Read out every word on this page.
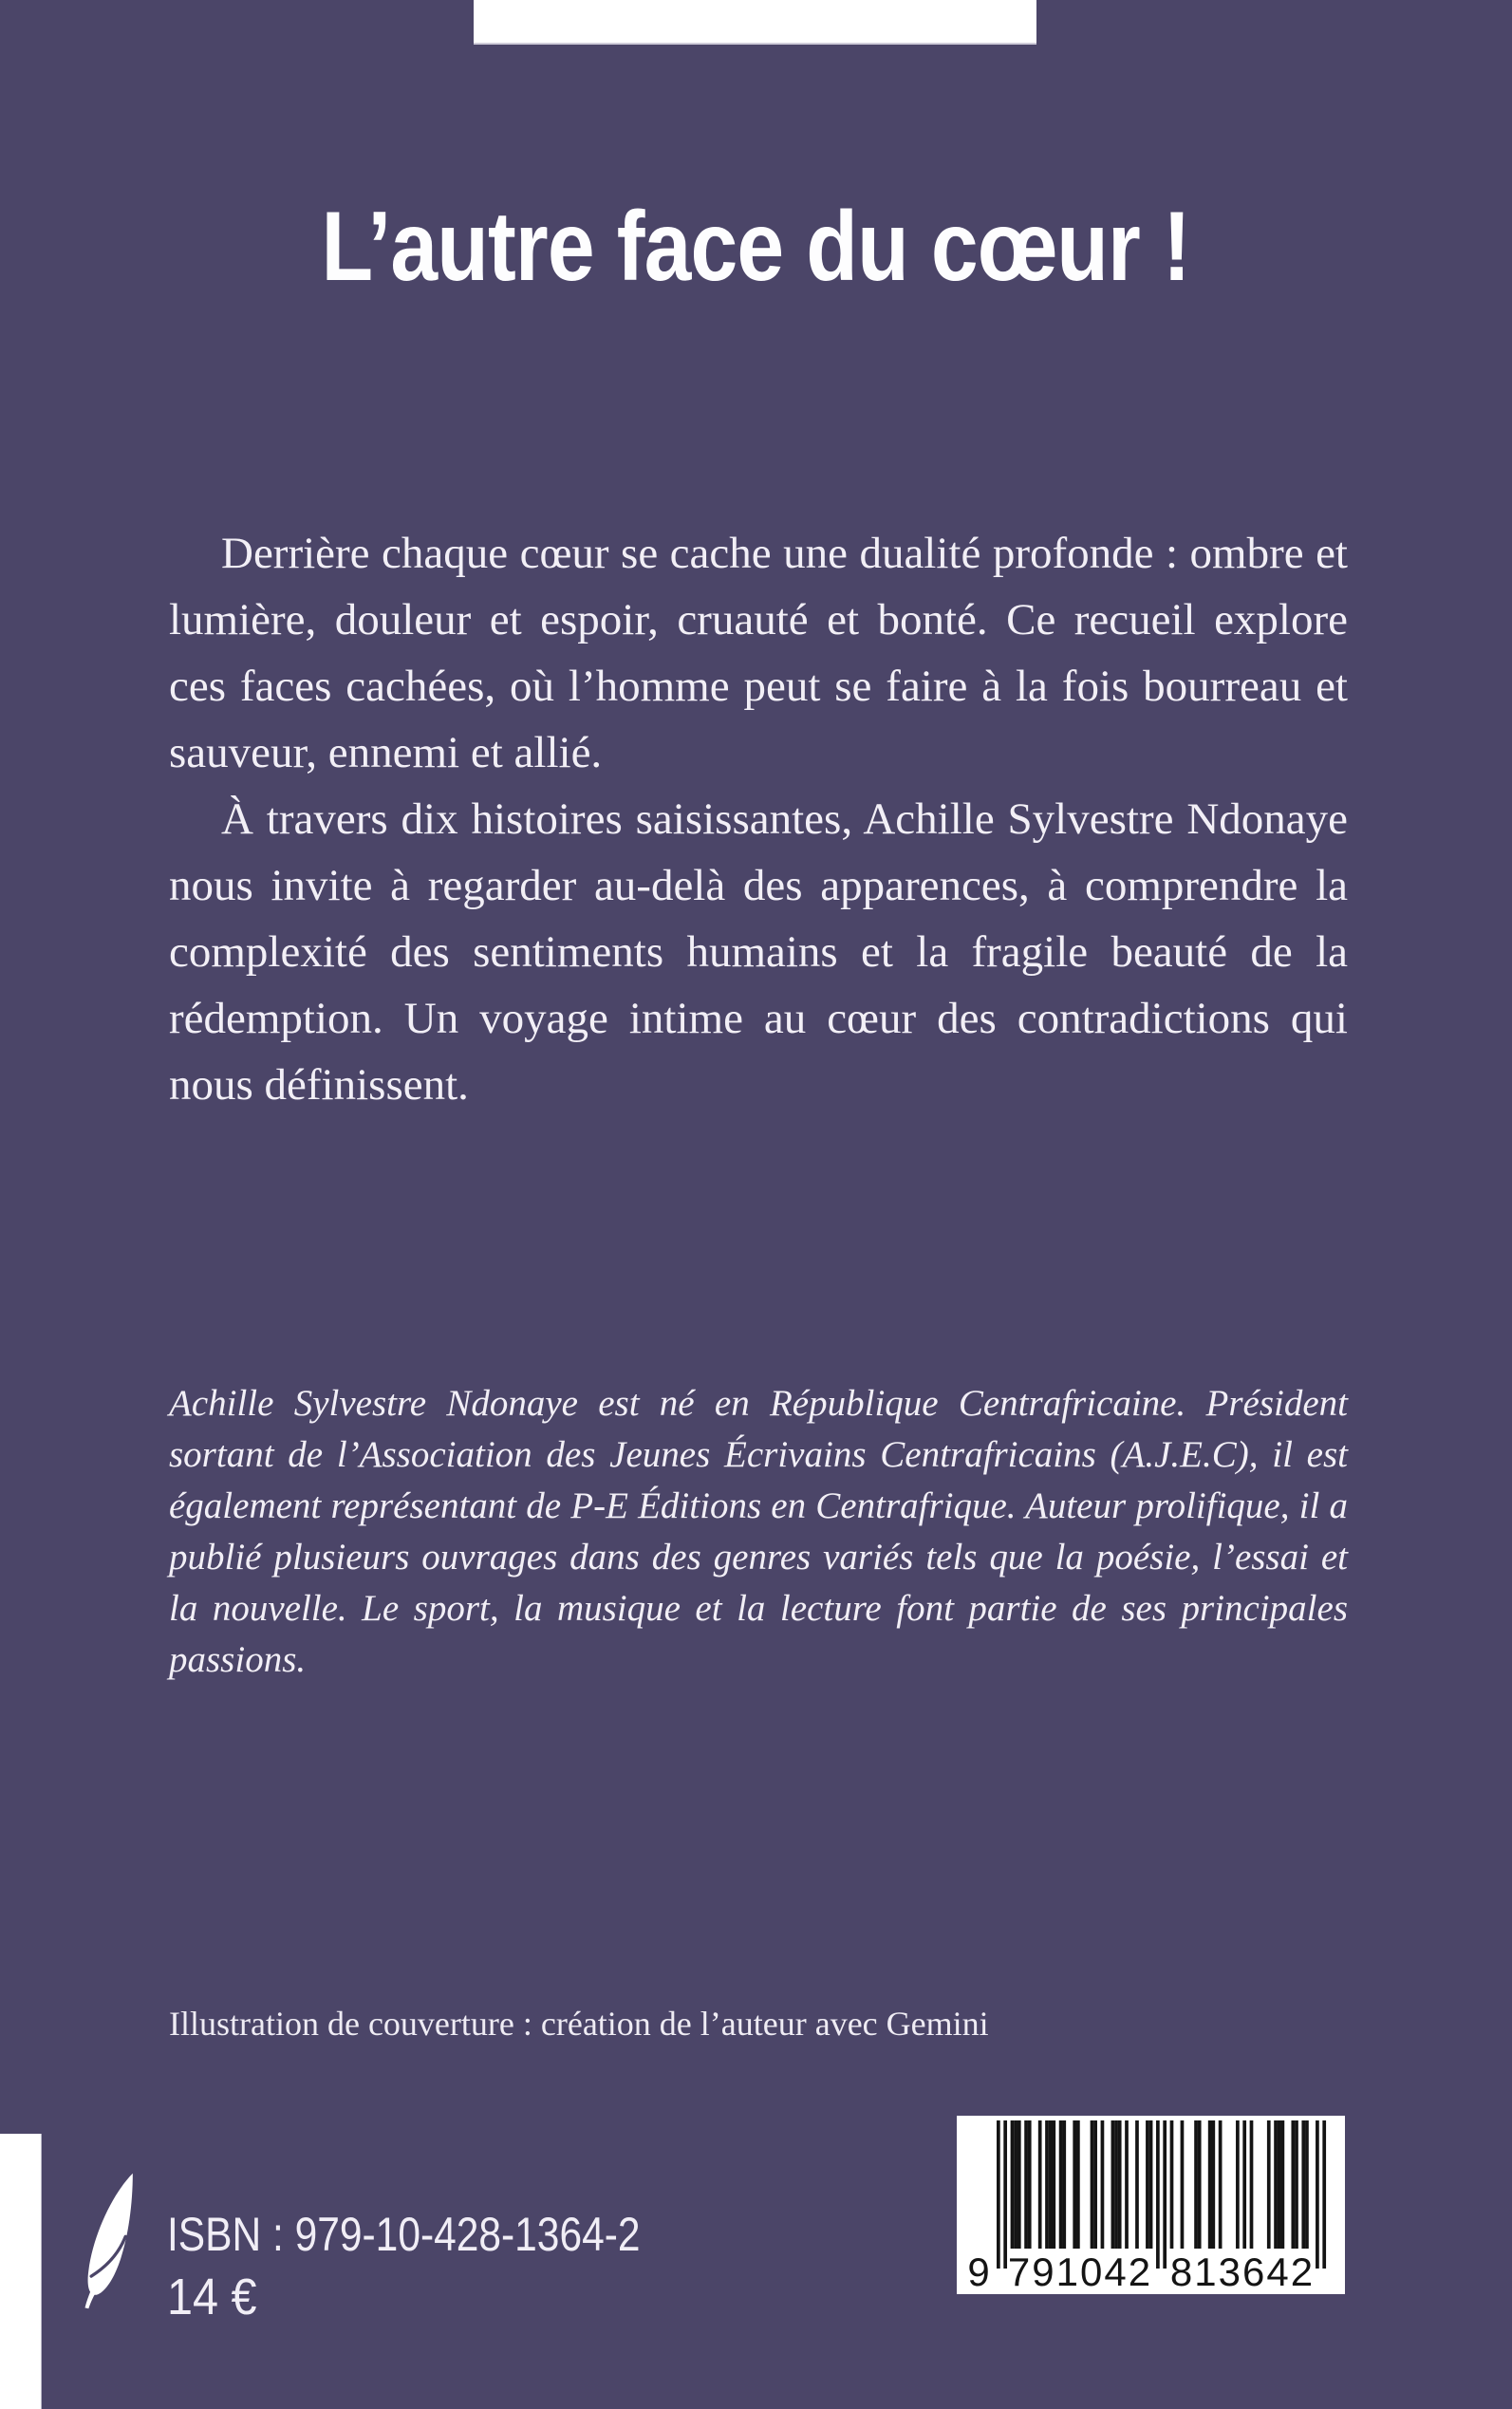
L’autre face du cœur !

Derrière chaque cœur se cache une dualité profonde : ombre et lumière, douleur et espoir, cruauté et bonté. Ce recueil explore ces faces cachées, où l’homme peut se faire à la fois bourreau et sauveur, ennemi et allié.

À travers dix histoires saisissantes, Achille Sylvestre Ndonaye nous invite à regarder au-delà des apparences, à comprendre la complexité des sentiments humains et la fragile beauté de la rédemption. Un voyage intime au cœur des contradictions qui nous définissent.

Achille Sylvestre Ndonaye est né en République Centrafricaine. Président sortant de l’Association des Jeunes Écrivains Centrafricains (A.J.E.C), il est également représentant de P-E Éditions en Centrafrique. Auteur prolifique, il a publié plusieurs ouvrages dans des genres variés tels que la poésie, l’essai et la nouvelle. Le sport, la musique et la lecture font partie de ses principales passions.

Illustration de couverture : création de l’auteur avec Gemini
ISBN : 979-10-428-1364-2
14 €	9 791042 813642
